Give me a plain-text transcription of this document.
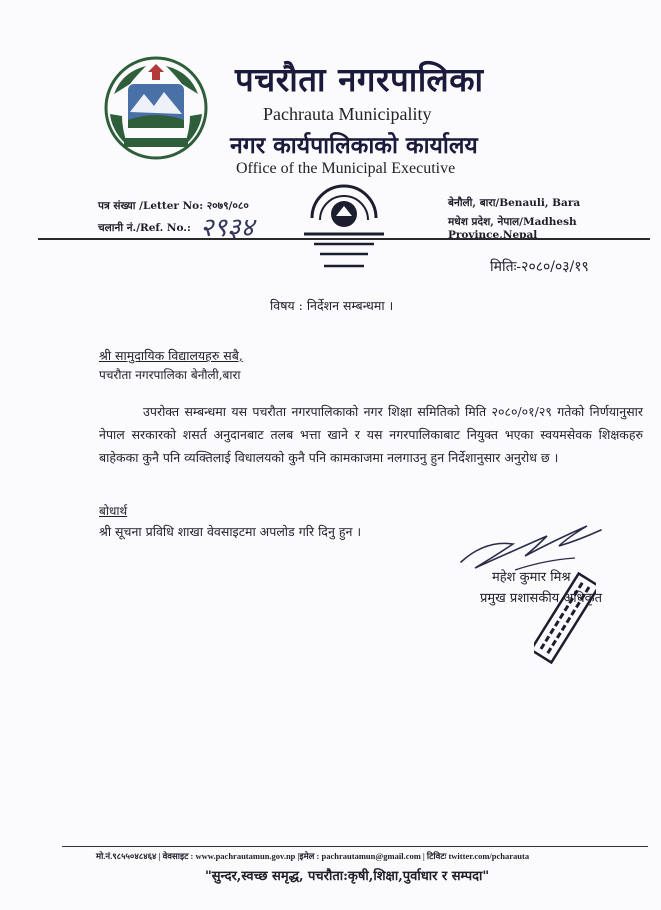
पचरौता नगरपालिका
Pachrauta Municipality
नगर कार्यपालिकाको कार्यालय
Office of the Municipal Executive
पत्र संख्या /Letter No: २०७९/०८०
चलानी नं./Ref. No.: २९३४
बेनौली, बारा/Benauli, Bara
मधेश प्रदेश, नेपाल/Madhesh Province,Nepal
मितिः-२०८०/०३/१९
विषय : निर्देशन सम्बन्धमा ।
श्री सामुदायिक विद्यालयहरु सबै,
पचरौता नगरपालिका बेनौली,बारा
उपरोक्त सम्बन्धमा यस पचरौता नगरपालिकाको नगर शिक्षा समितिको मिति २०८०/०१/२९ गतेको निर्णयानुसार नेपाल सरकारको शसर्त अनुदानबाट तलब भत्ता खाने र यस नगरपालिकाबाट नियुक्त भएका स्वयमसेवक शिक्षकहरु बाहेकका कुनै पनि व्यक्तिलाई विधालयको कुनै पनि कामकाजमा नलगाउनु हुन निर्देशानुसार अनुरोध छ ।
बोधार्थ
श्री सूचना प्रविधि शाखा वेवसाइटमा अपलोड गरि दिनु हुन ।
महेश कुमार मिश्र
प्रमुख प्रशासकीय अधिकृत
मो.नं.९८५५०४८४६४ | वेवसाइट : www.pachrautamun.gov.np |इमेल : pachrautamun@gmail.com | टिविटः twitter.com/pcharauta
"सुन्दर,स्वच्छ समृद्ध, पचरौता:कृषी,शिक्षा,पुर्वाधार र सम्पदा"
